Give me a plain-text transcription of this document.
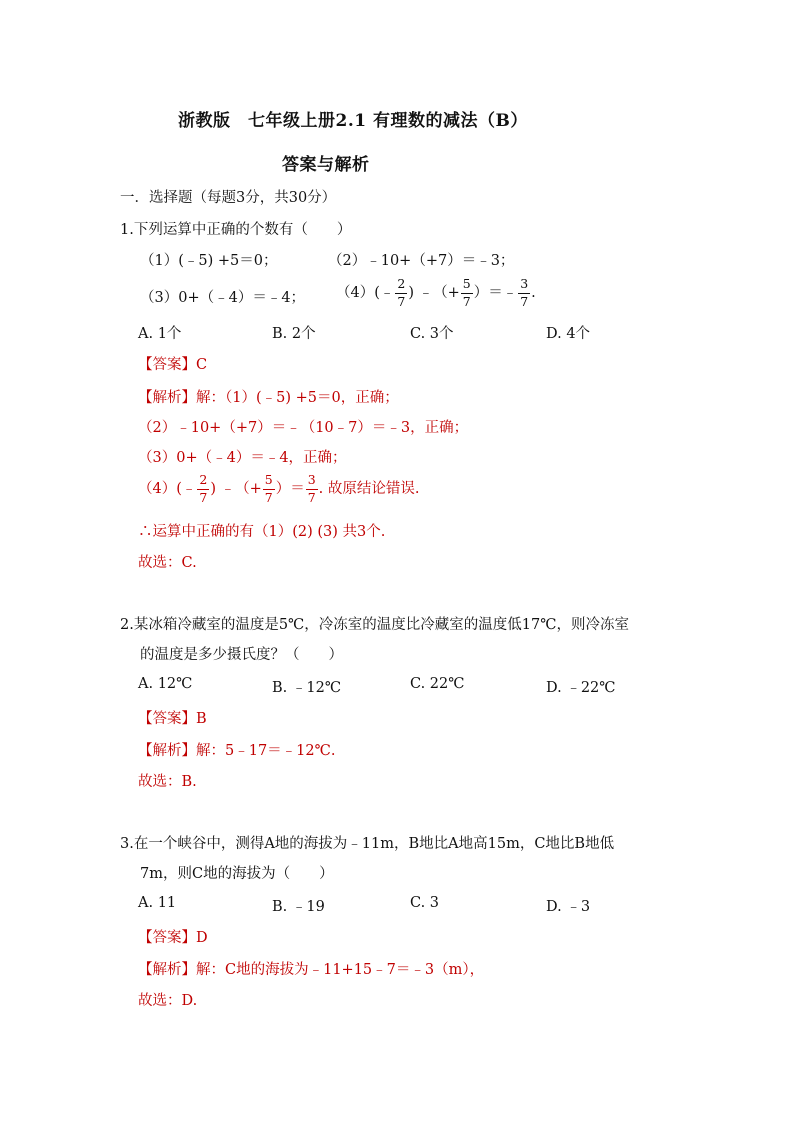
浙教版　七年级上册2.1 有理数的减法（B）
答案与解析
一．选择题（每题3分，共30分）
1.下列运算中正确的个数有（　　）
（1）(﹣5) +5＝0；	（2）﹣10+（+7）＝﹣3；
（3）0+（﹣4）＝﹣4； （4）(﹣ $\frac{2}{7}$ ) ﹣（+ $\frac{5}{7}$ ）＝﹣ $\frac{3}{7}$ .
A. 1个	B. 2个	C. 3个	D. 4个
【答案】C
【解析】解：（1）(﹣5) +5＝0，正确；
（2）﹣10+（+7）＝﹣（10﹣7）＝﹣3，正确；
（3）0+（﹣4）＝﹣4，正确；
（4）(﹣ $\frac{2}{7}$ ) ﹣（+ $\frac{5}{7}$ ）＝ $\frac{3}{7}$ . 故原结论错误.
∴运算中正确的有（1）(2) (3) 共3个.
故选：C.
2.某冰箱冷藏室的温度是5℃，冷冻室的温度比冷藏室的温度低17℃，则冷冻室
的温度是多少摄氏度？（　　）
A. 12℃	B. ﹣12℃	C. 22℃	D. ﹣22℃
【答案】B
【解析】解：5﹣17＝﹣12℃.
故选：B.
3.在一个峡谷中，测得A地的海拔为﹣11m，B地比A地高15m，C地比B地低
7m，则C地的海拔为（　　）
A. 11	B. ﹣19	C. 3	D. ﹣3
【答案】D
【解析】解：C地的海拔为﹣11+15﹣7＝﹣3（m），
故选：D.
